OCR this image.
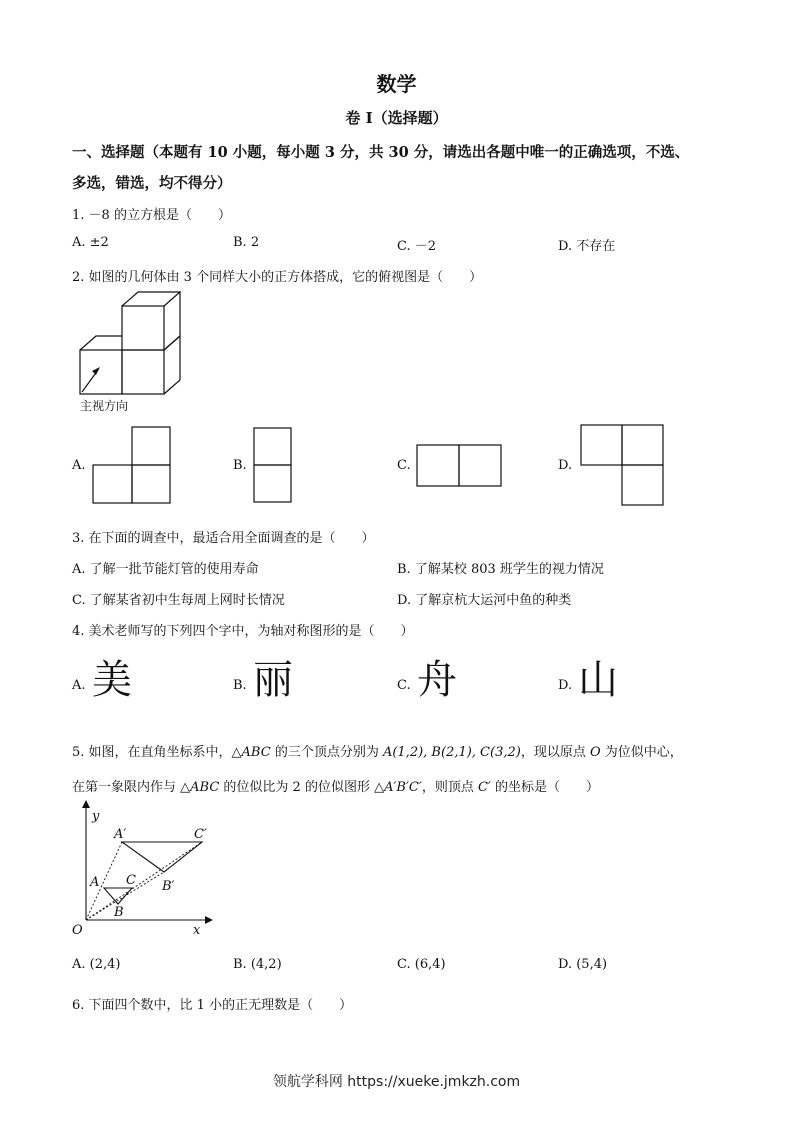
数学
卷 I（选择题）
一、选择题（本题有 10 小题，每小题 3 分，共 30 分，请选出各题中唯一的正确选项，不选、
多选，错选，均不得分）
1. －8 的立方根是（　　）
A. ±2	B. 2	C. －2	D. 不存在
2. 如图的几何体由 3 个同样大小的正方体搭成，它的俯视图是（　　）
主视方向
A.	B.	C.	D.
3. 在下面的调查中，最适合用全面调查的是（　　）
A. 了解一批节能灯管的使用寿命	B. 了解某校 803 班学生的视力情况
C. 了解某省初中生每周上网时长情况	D. 了解京杭大运河中鱼的种类
4. 美术老师写的下列四个字中，为轴对称图形的是（　　）
A. 美	B. 丽	C. 舟	D. 山
5. 如图，在直角坐标系中，△ABC 的三个顶点分别为 A(1,2), B(2,1), C(3,2)，现以原点 O 为位似中心，
在第一象限内作与 △ABC 的位似比为 2 的位似图形 △A′B′C′，则顶点 C′ 的坐标是（　　）
y
x
O
A
B
C
A′
B′
C′
A. (2,4)	B. (4,2)	C. (6,4)	D. (5,4)
6. 下面四个数中，比 1 小的正无理数是（　　）
领航学科网 https://xueke.jmkzh.com
